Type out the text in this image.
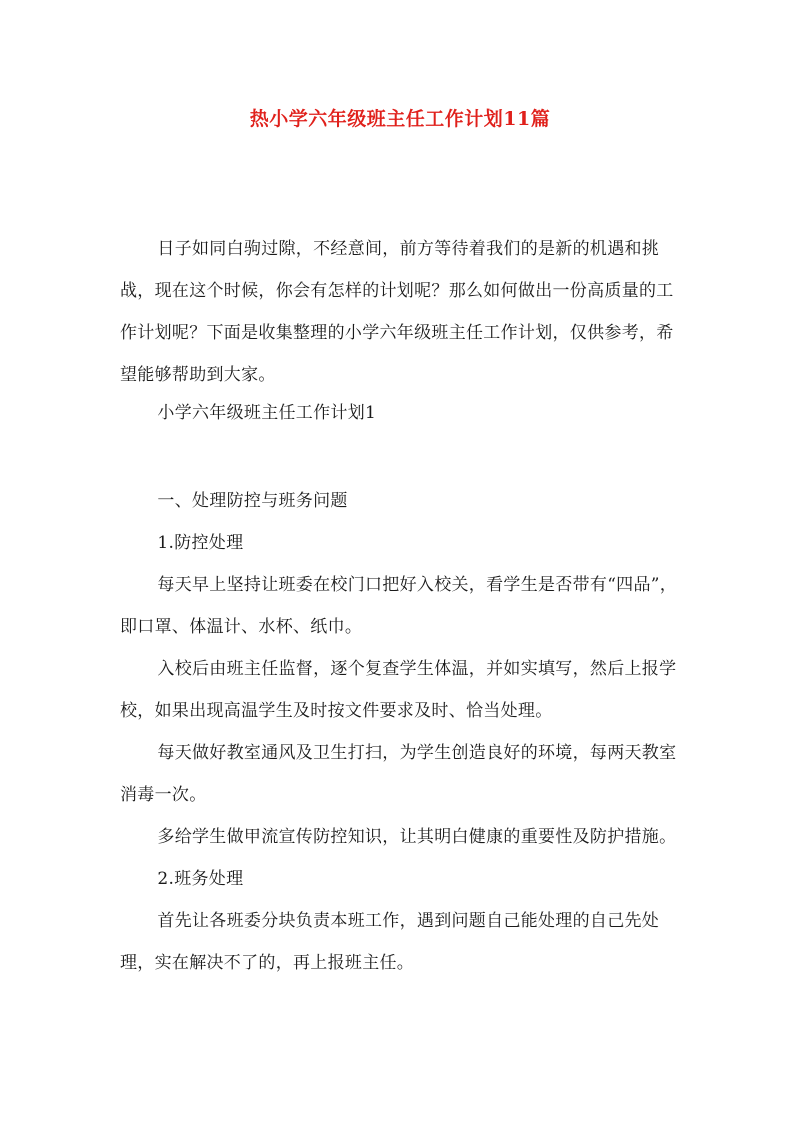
热小学六年级班主任工作计划11篇

日子如同白驹过隙，不经意间，前方等待着我们的是新的机遇和挑战，现在这个时候，你会有怎样的计划呢？那么如何做出一份高质量的工作计划呢？下面是收集整理的小学六年级班主任工作计划，仅供参考，希望能够帮助到大家。

小学六年级班主任工作计划1

一、处理防控与班务问题

1.防控处理

每天早上坚持让班委在校门口把好入校关，看学生是否带有“四品”，即口罩、体温计、水杯、纸巾。

入校后由班主任监督，逐个复查学生体温，并如实填写，然后上报学校，如果出现高温学生及时按文件要求及时、恰当处理。

每天做好教室通风及卫生打扫，为学生创造良好的环境，每两天教室消毒一次。

多给学生做甲流宣传防控知识，让其明白健康的重要性及防护措施。

2.班务处理

首先让各班委分块负责本班工作，遇到问题自己能处理的自己先处理，实在解决不了的，再上报班主任。
